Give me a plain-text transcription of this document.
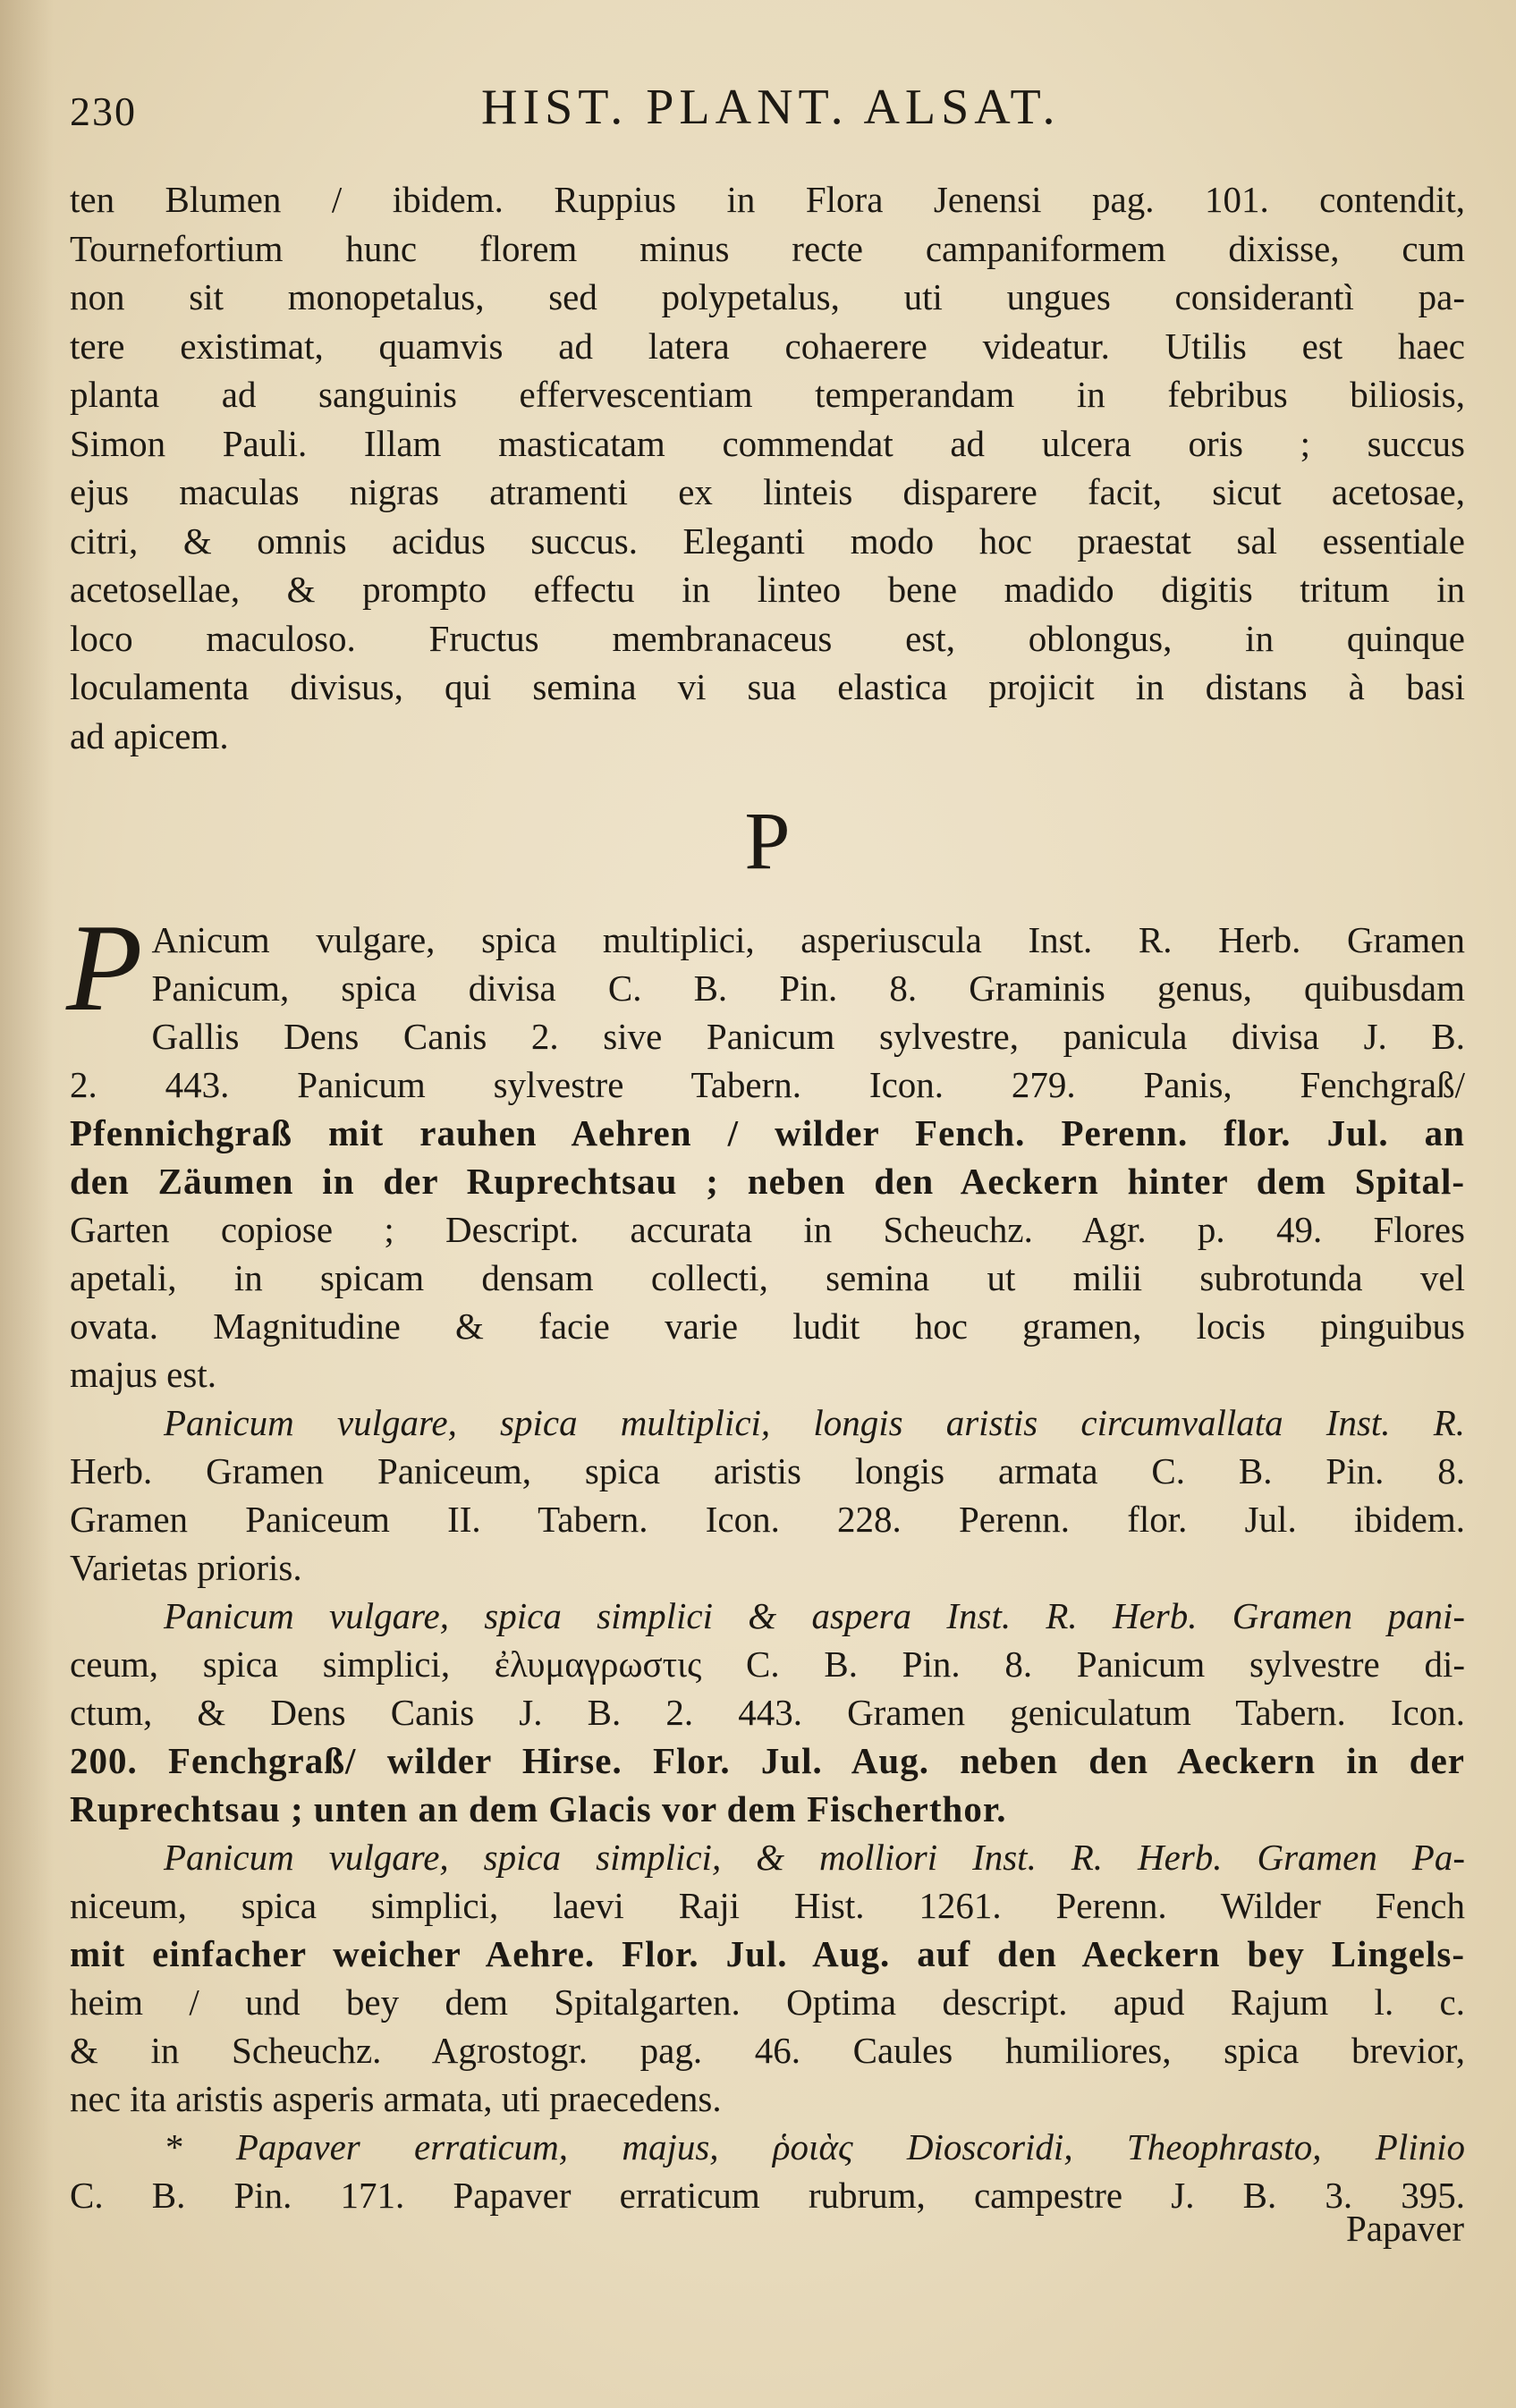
230	HIST. PLANT. ALSAT.

ten Blumen / ibidem. Ruppius in Flora Jenensi pag. 101. contendit,

Tournefortium hunc florem minus recte campaniformem dixisse, cum

non sit monopetalus, sed polypetalus, uti ungues considerantì pa-

tere existimat, quamvis ad latera cohaerere videatur. Utilis est haec

planta ad sanguinis effervescentiam temperandam in febribus biliosis,

Simon Pauli. Illam masticatam commendat ad ulcera oris ; succus

ejus maculas nigras atramenti ex linteis disparere facit, sicut acetosae,

citri, & omnis acidus succus. Eleganti modo hoc praestat sal essentiale

acetosellae, & prompto effectu in linteo bene madido digitis tritum in

loco maculoso. Fructus membranaceus est, oblongus, in quinque

loculamenta divisus, qui semina vi sua elastica projicit in distans à basi

ad apicem.

P

P Anicum vulgare, spica multiplici, asperiuscula Inst. R. Herb. Gramen
Panicum, spica divisa C. B. Pin. 8. Graminis genus, quibusdam
Gallis Dens Canis 2. sive Panicum sylvestre, panicula divisa J. B.
2. 443. Panicum sylvestre Tabern. Icon. 279. Panis, Fenchgraß/
Pfennichgraß mit rauhen Aehren / wilder Fench. Perenn. flor. Jul. an
den Zäumen in der Ruprechtsau ; neben den Aeckern hinter dem Spital-
Garten copiose ; Descript. accurata in Scheuchz. Agr. p. 49. Flores
apetali, in spicam densam collecti, semina ut milii subrotunda vel
ovata. Magnitudine & facie varie ludit hoc gramen, locis pinguibus
majus est.

Panicum vulgare, spica multiplici, longis aristis circumvallata Inst. R.
Herb. Gramen Paniceum, spica aristis longis armata C. B. Pin. 8.
Gramen Paniceum II. Tabern. Icon. 228. Perenn. flor. Jul. ibidem.
Varietas prioris.

Panicum vulgare, spica simplici & aspera Inst. R. Herb. Gramen pani-
ceum, spica simplici, ἐλυμαγρωστις C. B. Pin. 8. Panicum sylvestre di-
ctum, & Dens Canis J. B. 2. 443. Gramen geniculatum Tabern. Icon.
200. Fenchgraß/ wilder Hirse. Flor. Jul. Aug. neben den Aeckern in der
Ruprechtsau ; unten an dem Glacis vor dem Fischerthor.

Panicum vulgare, spica simplici, & molliori Inst. R. Herb. Gramen Pa-
niceum, spica simplici, laevi Raji Hist. 1261. Perenn. Wilder Fench
mit einfacher weicher Aehre. Flor. Jul. Aug. auf den Aeckern bey Lingels-
heim / und bey dem Spitalgarten. Optima descript. apud Rajum l. c.
& in Scheuchz. Agrostogr. pag. 46. Caules humiliores, spica brevior,
nec ita aristis asperis armata, uti praecedens.

* Papaver erraticum, majus, ῥοιὰς Dioscoridi, Theophrasto, Plinio
C. B. Pin. 171. Papaver erraticum rubrum, campestre J. B. 3. 395.

Papaver
